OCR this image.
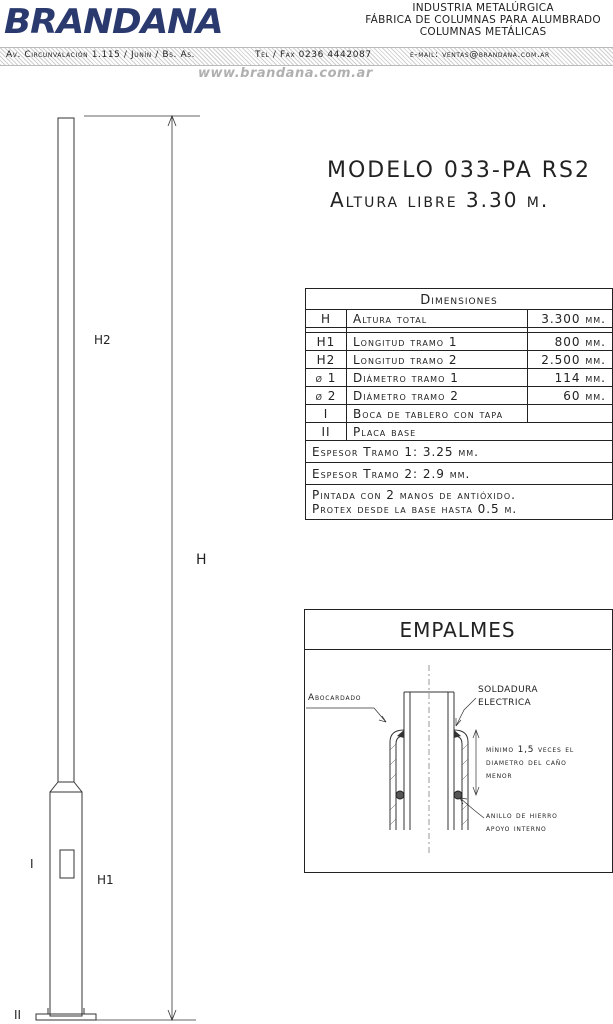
BRANDANA	INDUSTRIA METALÚRGICA
FÁBRICA DE COLUMNAS PARA ALUMBRADO
COLUMNAS METÁLICAS
Av. Circunvalación 1.115 / Junín / Bs. As.	Tel / Fax 0236 4442087	e-mail: ventas@brandana.com.ar
www.brandana.com.ar
H2
H
H1
I
II
MODELO 033-PA RS2
Altura libre 3.30 m.
Dimensiones		
H	Altura total	3.300 mm.

H1	Longitud tramo 1	800 mm.
H2	Longitud tramo 2	2.500 mm.
ø 1	Diámetro tramo 1	114 mm.
ø 2	Diámetro tramo 2	60 mm.
I	Boca de tablero con tapa	
II	Placa base	
Espesor Tramo 1: 3.25 mm.		
Espesor Tramo 2: 2.9 mm.		

Pintada con 2 manos de antióxido.
Protex desde la base hasta 0.5 m.		
EMPALMES
Abocardado
SOLDADURA
ELECTRICA
mínimo 1,5 veces el
diametro del caño
menor
anillo de hierro
apoyo interno
